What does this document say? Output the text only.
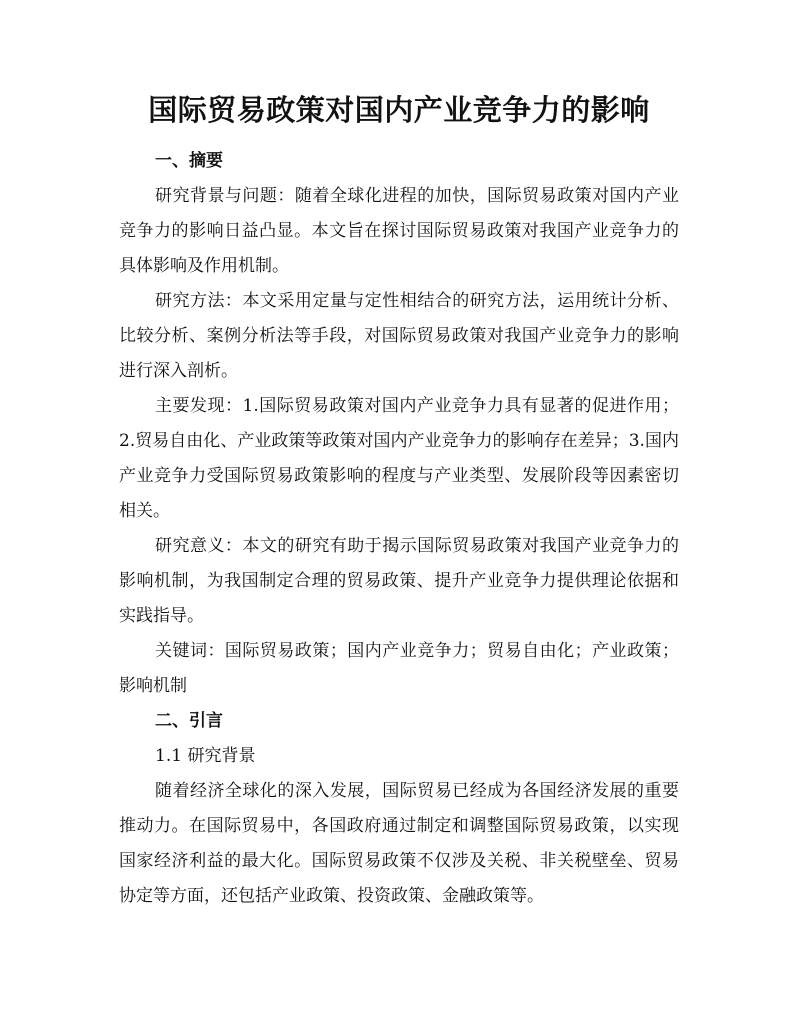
国际贸易政策对国内产业竞争力的影响
一、摘要

研究背景与问题：随着全球化进程的加快，国际贸易政策对国内产业竞争力的影响日益凸显。本文旨在探讨国际贸易政策对我国产业竞争力的具体影响及作用机制。

研究方法：本文采用定量与定性相结合的研究方法，运用统计分析、比较分析、案例分析法等手段，对国际贸易政策对我国产业竞争力的影响进行深入剖析。

主要发现：1.国际贸易政策对国内产业竞争力具有显著的促进作用；2.贸易自由化、产业政策等政策对国内产业竞争力的影响存在差异；3.国内产业竞争力受国际贸易政策影响的程度与产业类型、发展阶段等因素密切相关。

研究意义：本文的研究有助于揭示国际贸易政策对我国产业竞争力的影响机制，为我国制定合理的贸易政策、提升产业竞争力提供理论依据和实践指导。

关键词：国际贸易政策；国内产业竞争力；贸易自由化；产业政策；影响机制

二、引言

1.1 研究背景

随着经济全球化的深入发展，国际贸易已经成为各国经济发展的重要推动力。在国际贸易中，各国政府通过制定和调整国际贸易政策，以实现国家经济利益的最大化。国际贸易政策不仅涉及关税、非关税壁垒、贸易协定等方面，还包括产业政策、投资政策、金融政策等。
